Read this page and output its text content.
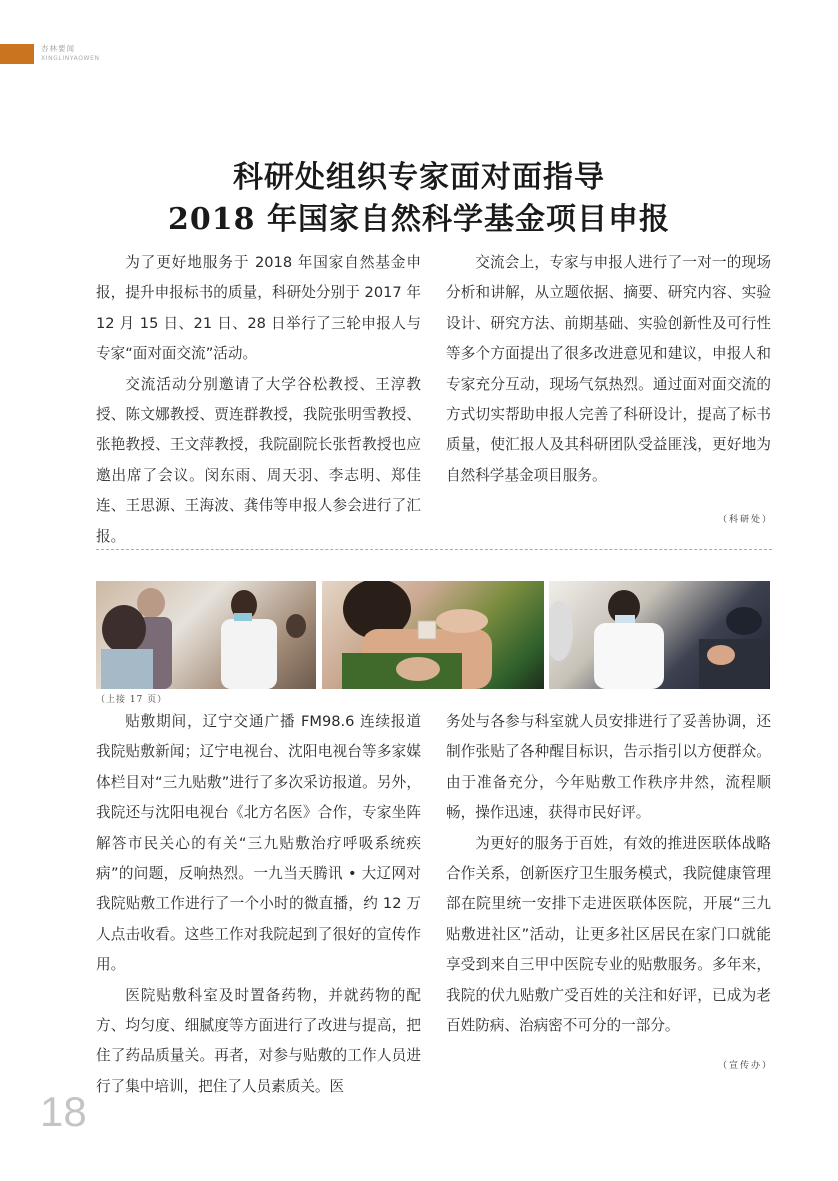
杏林要闻
XINGLINYAOWEN
科研处组织专家面对面指导
2018 年国家自然科学基金项目申报

为了更好地服务于 2018 年国家自然基金申报，提升申报标书的质量，科研处分别于 2017 年 12 月 15 日、21 日、28 日举行了三轮申报人与专家“面对面交流”活动。

交流活动分别邀请了大学谷松教授、王淳教授、陈文娜教授、贾连群教授，我院张明雪教授、张艳教授、王文萍教授，我院副院长张哲教授也应邀出席了会议。闵东雨、周天羽、李志明、郑佳连、王思源、王海波、龚伟等申报人参会进行了汇报。

交流会上，专家与申报人进行了一对一的现场分析和讲解，从立题依据、摘要、研究内容、实验设计、研究方法、前期基础、实验创新性及可行性等多个方面提出了很多改进意见和建议，申报人和专家充分互动，现场气氛热烈。通过面对面交流的方式切实帮助申报人完善了科研设计，提高了标书质量，使汇报人及其科研团队受益匪浅，更好地为自然科学基金项目服务。

（科研处）
（上接 17 页）

贴敷期间，辽宁交通广播 FM98.6 连续报道我院贴敷新闻；辽宁电视台、沈阳电视台等多家媒体栏目对“三九贴敷”进行了多次采访报道。另外，我院还与沈阳电视台《北方名医》合作，专家坐阵解答市民关心的有关“三九贴敷治疗呼吸系统疾病”的问题，反响热烈。一九当天腾讯 • 大辽网对我院贴敷工作进行了一个小时的微直播，约 12 万人点击收看。这些工作对我院起到了很好的宣传作用。

医院贴敷科室及时置备药物，并就药物的配方、均匀度、细腻度等方面进行了改进与提高，把住了药品质量关。再者，对参与贴敷的工作人员进行了集中培训，把住了人员素质关。医

务处与各参与科室就人员安排进行了妥善协调，还制作张贴了各种醒目标识，告示指引以方便群众。由于准备充分，今年贴敷工作秩序井然，流程顺畅，操作迅速，获得市民好评。

为更好的服务于百姓，有效的推进医联体战略合作关系，创新医疗卫生服务模式，我院健康管理部在院里统一安排下走进医联体医院，开展“三九贴敷进社区”活动，让更多社区居民在家门口就能享受到来自三甲中医院专业的贴敷服务。多年来，我院的伏九贴敷广受百姓的关注和好评，已成为老百姓防病、治病密不可分的一部分。

（宣传办）
18
